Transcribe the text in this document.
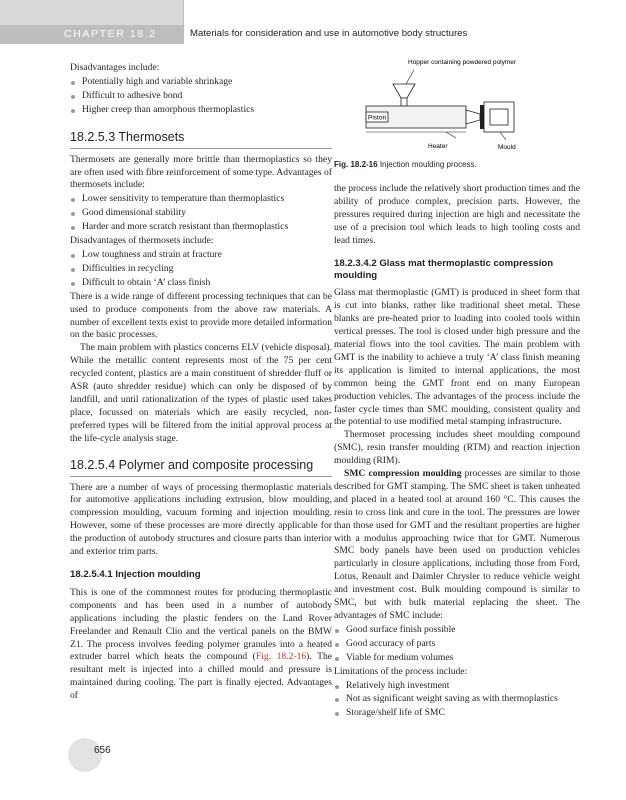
CHAPTER 18.2	Materials for consideration and use in automotive body structures

Disadvantages include:

Potentially high and variable shrinkage
Difficult to adhesive bond
Higher creep than amorphous thermoplastics

18.2.5.3 Thermosets

Thermosets are generally more brittle than thermoplastics so they are often used with fibre reinforcement of some type. Advantages of thermosets include:

Lower sensitivity to temperature than thermoplastics
Good dimensional stability
Harder and more scratch resistant than thermoplastics

Disadvantages of thermosets include:

Low toughness and strain at fracture
Difficulties in recycling
Difficult to obtain ‘A’ class finish

There is a wide range of different processing techniques that can be used to produce components from the above raw materials. A number of excellent texts exist to provide more detailed information on the basic processes.

The main problem with plastics concerns ELV (vehicle disposal). While the metallic content represents most of the 75 per cent recycled content, plastics are a main constituent of shredder fluff or ASR (auto shredder residue) which can only be disposed of by landfill, and until rationalization of the types of plastic used takes place, focussed on materials which are easily recycled, non-preferred types will be filtered from the initial approval process at the life-cycle analysis stage.

18.2.5.4 Polymer and composite processing

There are a number of ways of processing thermoplastic materials for automotive applications including extrusion, blow moulding, compression moulding, vacuum forming and injection moulding. However, some of these processes are more directly applicable for the production of autobody structures and closure parts than interior and exterior trim parts.

18.2.5.4.1 Injection moulding

This is one of the commonest routes for producing thermoplastic components and has been used in a number of autobody applications including the plastic fenders on the Land Rover Freelander and Renault Clio and the vertical panels on the BMW Z1. The process involves feeding polymer granules into a heated extruder barrel which heats the compound (Fig. 18.2-16). The resultant melt is injected into a chilled mould and pressure is maintained during cooling. The part is finally ejected. Advantages of

Hopper containing powdered polymer
Piston
Heater	Mould
Fig. 18.2-16 Injection moulding process.

the process include the relatively short production times and the ability of produce complex, precision parts. However, the pressures required during injection are high and necessitate the use of a precision tool which leads to high tooling costs and lead times.

18.2.3.4.2 Glass mat thermoplastic compression moulding

Glass mat thermoplastic (GMT) is produced in sheet form that is cut into blanks, rather like traditional sheet metal. These blanks are pre-heated prior to loading into cooled tools within vertical presses. The tool is closed under high pressure and the material flows into the tool cavities. The main problem with GMT is the inability to achieve a truly ‘A’ class finish meaning its application is limited to internal applications, the most common being the GMT front end on many European production vehicles. The advantages of the process include the faster cycle times than SMC moulding, consistent quality and the potential to use modified metal stamping infrastructure.

Thermoset processing includes sheet moulding compound (SMC), resin transfer moulding (RTM) and reaction injection moulding (RIM).

SMC compression moulding processes are similar to those described for GMT stamping. The SMC sheet is taken unheated and placed in a heated tool at around 160 °C. This causes the resin to cross link and cure in the tool. The pressures are lower than those used for GMT and the resultant properties are higher with a modulus approaching twice that for GMT. Numerous SMC body panels have been used on production vehicles particularly in closure applications, including those from Ford, Lotus, Renault and Daimler Chrysler to reduce vehicle weight and investment cost. Bulk moulding compound is similar to SMC, but with bulk material replacing the sheet. The advantages of SMC include:

Good surface finish possible
Good accuracy of parts
Viable for medium volumes

Limitations of the process include:

Relatively high investment
Not as significant weight saving as with thermoplastics
Storage/shelf life of SMC
656
